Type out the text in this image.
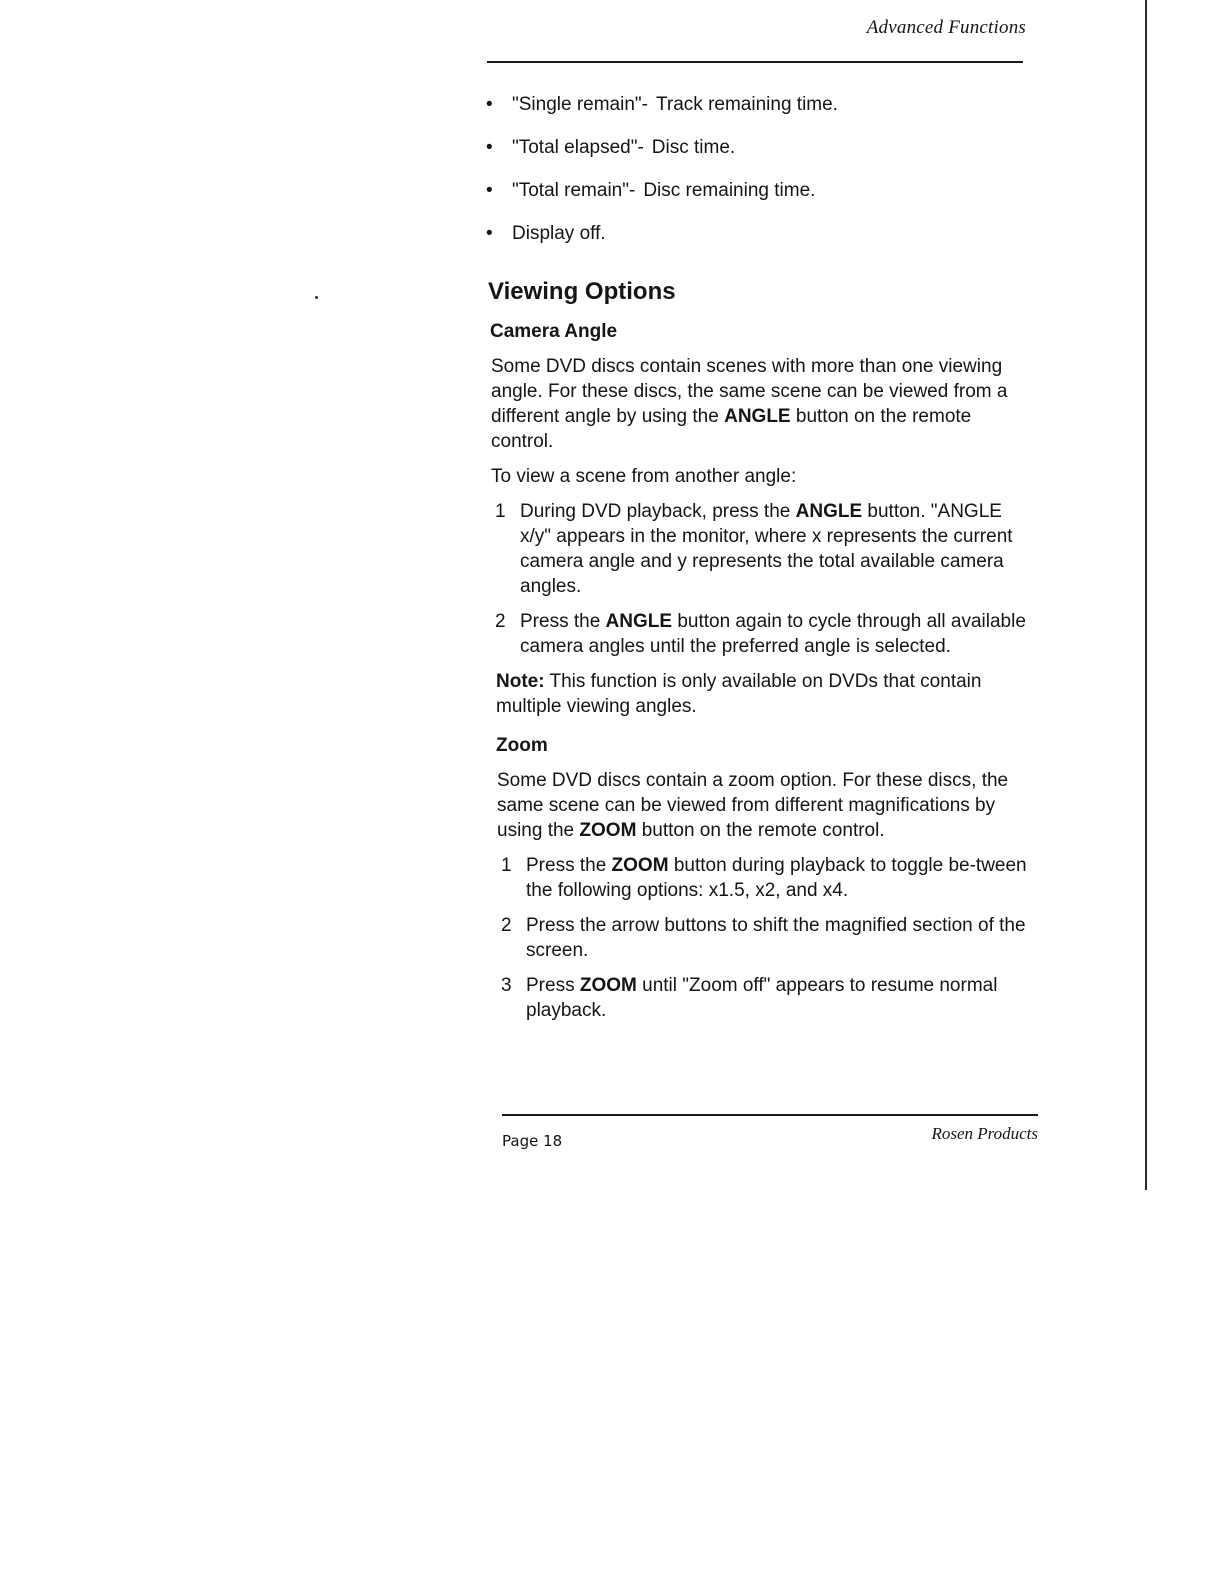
Advanced Functions
• "Single remain"- Track remaining time.
• "Total elapsed"- Disc time.
• "Total remain"- Disc remaining time.
• Display off.
Viewing Options
Camera Angle
Some DVD discs contain scenes with more than one viewing angle. For these discs, the same scene can be viewed from a different angle by using the ANGLE button on the remote control.
To view a scene from another angle:
1 During DVD playback, press the ANGLE button. "ANGLE x/y" appears in the monitor, where x represents the current camera angle and y represents the total available camera angles.
2 Press the ANGLE button again to cycle through all available camera angles until the preferred angle is selected.
Note: This function is only available on DVDs that contain multiple viewing angles.
Zoom
Some DVD discs contain a zoom option. For these discs, the same scene can be viewed from different magnifications by using the ZOOM button on the remote control.
1 Press the ZOOM button during playback to toggle be-tween the following options: x1.5, x2, and x4.
2 Press the arrow buttons to shift the magnified section of the screen.
3 Press ZOOM until "Zoom off" appears to resume normal playback.
Page 18	Rosen Products
